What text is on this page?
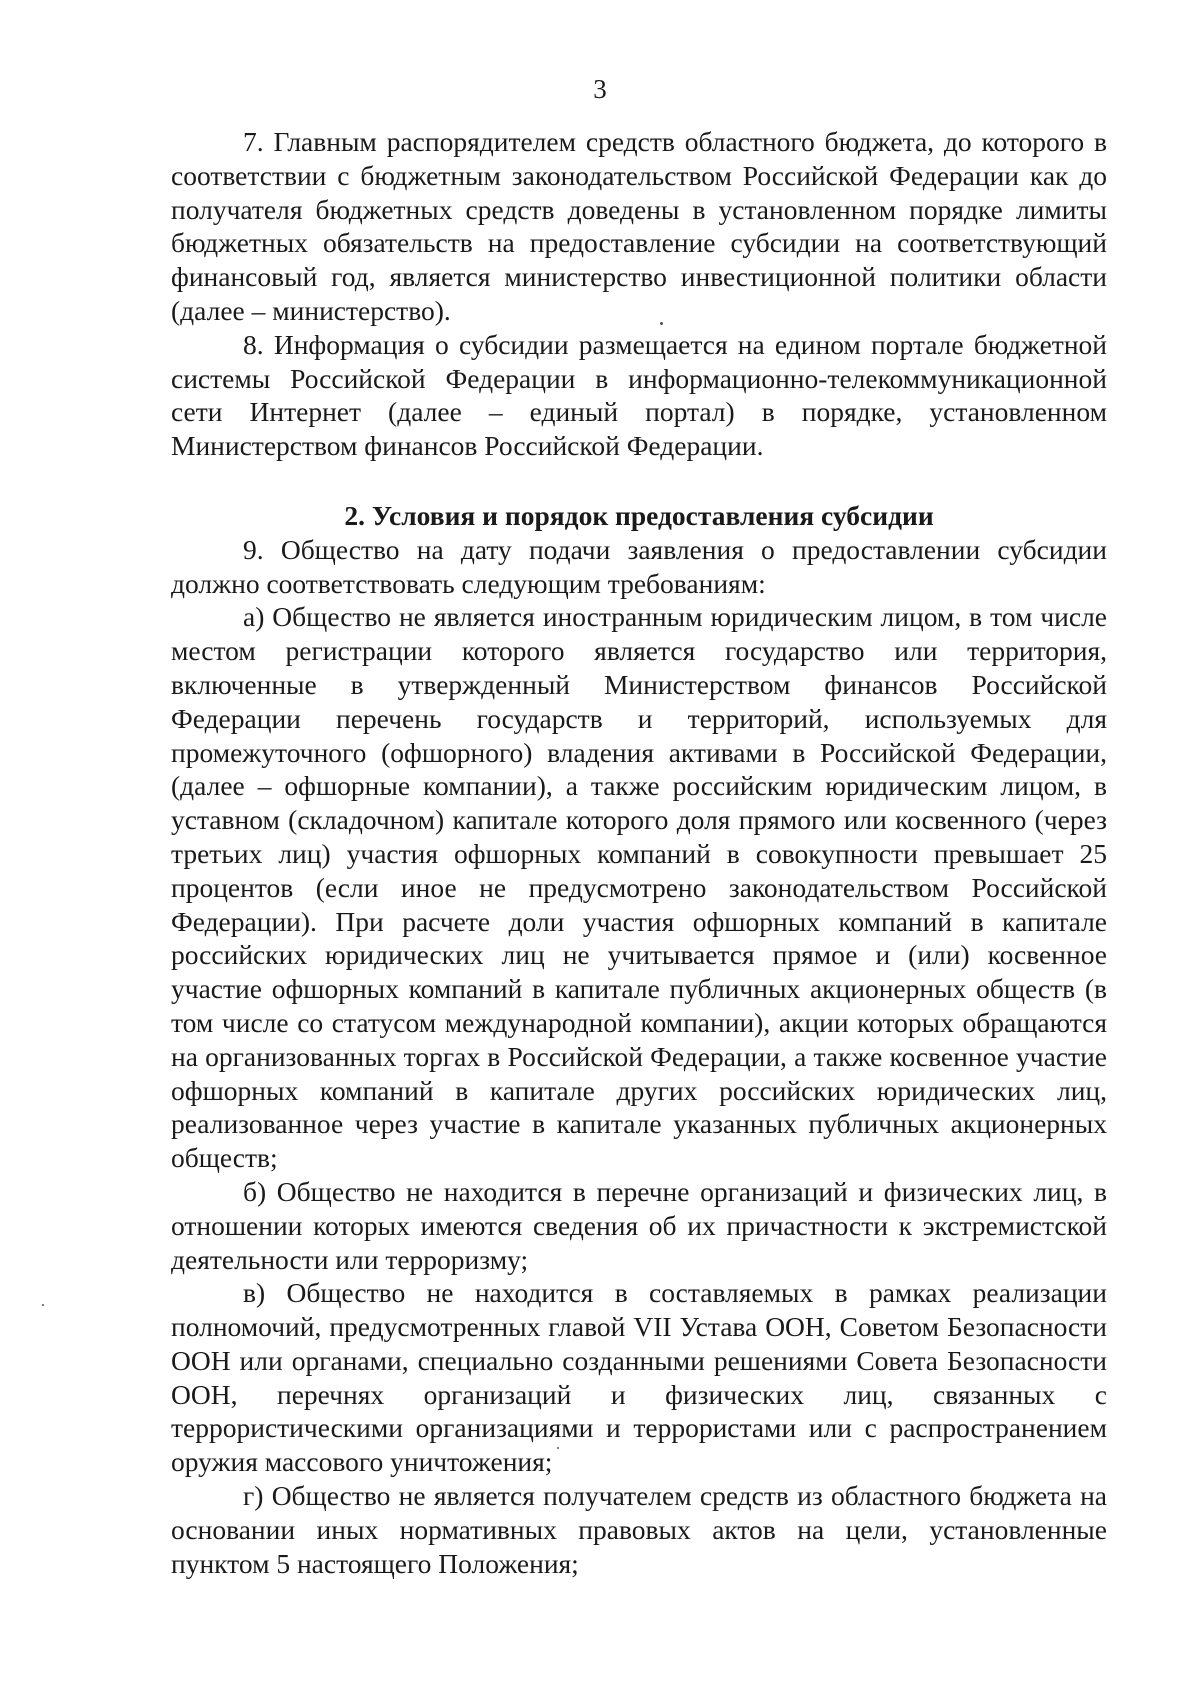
3

7. Главным распорядителем средств областного бюджета, до которого в соответствии с бюджетным законодательством Российской Федерации как до получателя бюджетных средств доведены в установленном порядке лимиты бюджетных обязательств на предоставление субсидии на соответствующий финансовый год, является министерство инвестиционной политики области (далее – министерство).

8. Информация о субсидии размещается на едином портале бюджетной системы Российской Федерации в информационно-телекоммуникационной сети Интернет (далее – единый портал) в порядке, установленном Министерством финансов Российской Федерации.

2. Условия и порядок предоставления субсидии

9. Общество на дату подачи заявления о предоставлении субсидии должно соответствовать следующим требованиям:

а) Общество не является иностранным юридическим лицом, в том числе местом регистрации которого является государство или территория, включенные в утвержденный Министерством финансов Российской Федерации перечень государств и территорий, используемых для промежуточного (офшорного) владения активами в Российской Федерации, (далее – офшорные компании), а также российским юридическим лицом, в уставном (складочном) капитале которого доля прямого или косвенного (через третьих лиц) участия офшорных компаний в совокупности превышает 25 процентов (если иное не предусмотрено законодательством Российской Федерации). При расчете доли участия офшорных компаний в капитале российских юридических лиц не учитывается прямое и (или) косвенное участие офшорных компаний в капитале публичных акционерных обществ (в том числе со статусом международной компании), акции которых обращаются на организованных торгах в Российской Федерации, а также косвенное участие офшорных компаний в капитале других российских юридических лиц, реализованное через участие в капитале указанных публичных акционерных обществ;

б) Общество не находится в перечне организаций и физических лиц, в отношении которых имеются сведения об их причастности к экстремистской деятельности или терроризму;

в) Общество не находится в составляемых в рамках реализации полномочий, предусмотренных главой VII Устава ООН, Советом Безопасности ООН или органами, специально созданными решениями Совета Безопасности ООН, перечнях организаций и физических лиц, связанных с террористическими организациями и террористами или с распространением оружия массового уничтожения;

г) Общество не является получателем средств из областного бюджета на основании иных нормативных правовых актов на цели, установленные пунктом 5 настоящего Положения;
